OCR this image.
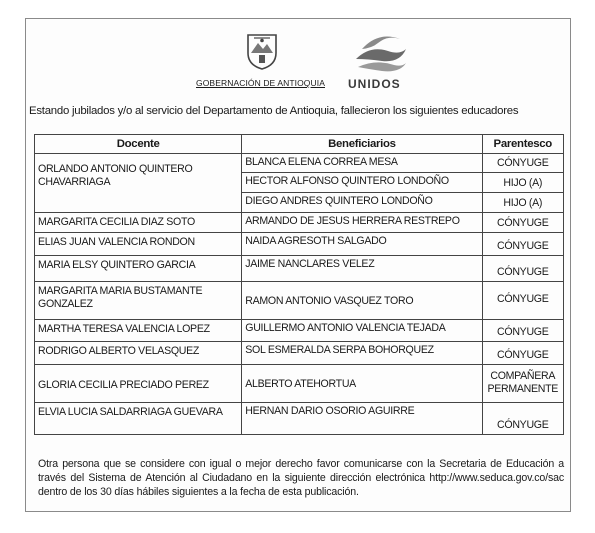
GOBERNACIÓN DE ANTIOQUIA UNIDOS
Estando jubilados y/o al servicio del Departamento de Antioquia, fallecieron los siguientes educadores
Docente	Beneficiarios	Parentesco
ORLANDO ANTONIO QUINTERO CHAVARRIAGA	BLANCA ELENA CORREA MESA	CÓNYUGE
	HECTOR ALFONSO QUINTERO LONDOÑO	HIJO (A)
	DIEGO ANDRES QUINTERO LONDOÑO	HIJO (A)
MARGARITA CECILIA DIAZ SOTO	ARMANDO DE JESUS HERRERA RESTREPO	CÓNYUGE
ELIAS JUAN VALENCIA RONDON	NAIDA AGRESOTH SALGADO	CÓNYUGE
MARIA ELSY QUINTERO GARCIA	JAIME NANCLARES VELEZ	CÓNYUGE
MARGARITA MARIA BUSTAMANTE GONZALEZ	RAMON ANTONIO VASQUEZ TORO	CÓNYUGE
MARTHA TERESA VALENCIA LOPEZ	GUILLERMO ANTONIO VALENCIA TEJADA	CÓNYUGE
RODRIGO ALBERTO VELASQUEZ	SOL ESMERALDA SERPA BOHORQUEZ	CÓNYUGE
GLORIA CECILIA PRECIADO PEREZ	ALBERTO ATEHORTUA	COMPAÑERA PERMANENTE
ELVIA LUCIA SALDARRIAGA GUEVARA	HERNAN DARIO OSORIO AGUIRRE	CÓNYUGE
Otra persona que se considere con igual o mejor derecho favor comunicarse con la Secretaria de Educación a través del Sistema de Atención al Ciudadano en la siguiente dirección electrónica http://www.seduca.gov.co/sac dentro de los 30 días hábiles siguientes a la fecha de esta publicación.
